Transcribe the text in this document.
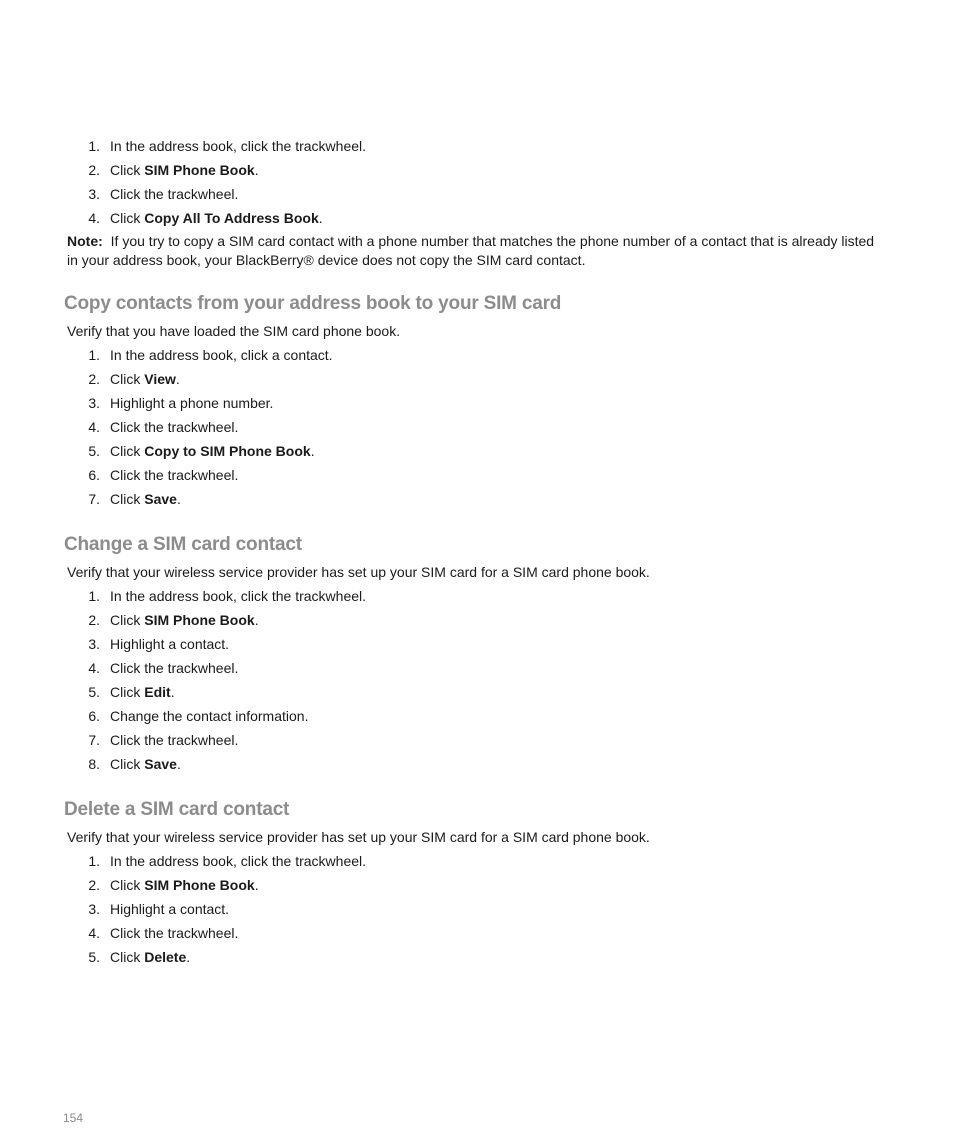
1. In the address book, click the trackwheel.
2. Click SIM Phone Book.
3. Click the trackwheel.
4. Click Copy All To Address Book.

Note: If you try to copy a SIM card contact with a phone number that matches the phone number of a contact that is already listed in your address book, your BlackBerry® device does not copy the SIM card contact.

Copy contacts from your address book to your SIM card

Verify that you have loaded the SIM card phone book.

1. In the address book, click a contact.
2. Click View.
3. Highlight a phone number.
4. Click the trackwheel.
5. Click Copy to SIM Phone Book.
6. Click the trackwheel.
7. Click Save.
Change a SIM card contact

Verify that your wireless service provider has set up your SIM card for a SIM card phone book.

1. In the address book, click the trackwheel.
2. Click SIM Phone Book.
3. Highlight a contact.
4. Click the trackwheel.
5. Click Edit.
6. Change the contact information.
7. Click the trackwheel.
8. Click Save.
Delete a SIM card contact

Verify that your wireless service provider has set up your SIM card for a SIM card phone book.

1. In the address book, click the trackwheel.
2. Click SIM Phone Book.
3. Highlight a contact.
4. Click the trackwheel.
5. Click Delete.
154
